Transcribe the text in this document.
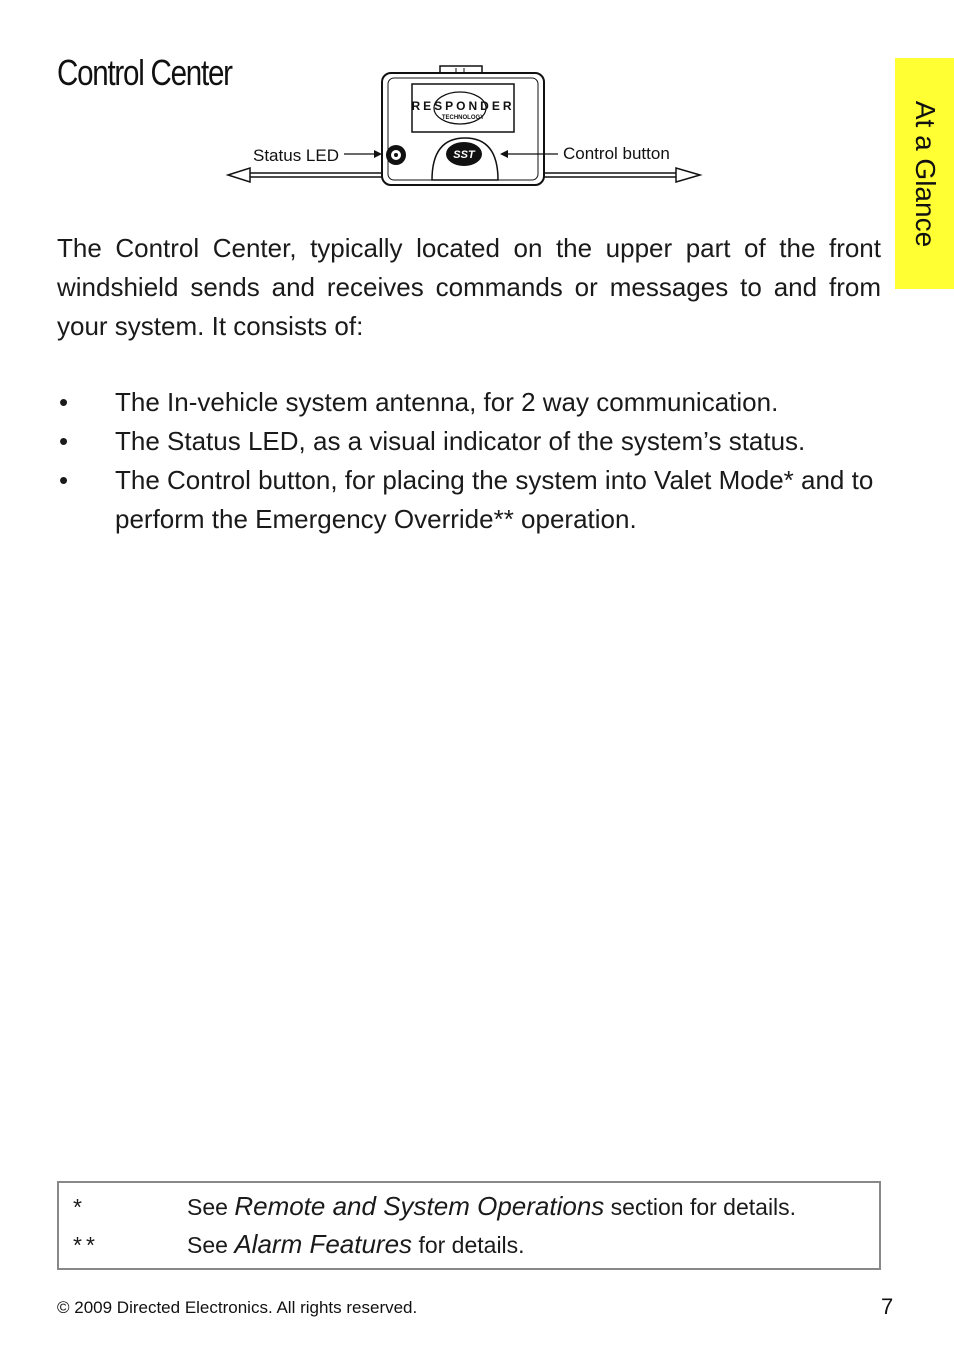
Control Center
At a Glance
RESPONDER
TECHNOLOGY
SST
Status LED	Control button

The Control Center, typically located on the upper part of the front windshield sends and receives commands or messages to and from your system. It consists of:

• The In-vehicle system antenna, for 2 way communication.
• The Status LED, as a visual indicator of the system’s status.
• The Control button, for placing the system into Valet Mode* and to perform the Emergency Override** operation.
*	See Remote and System Operations section for details.
**	See Alarm Features for details.
© 2009 Directed Electronics. All rights reserved.	7
